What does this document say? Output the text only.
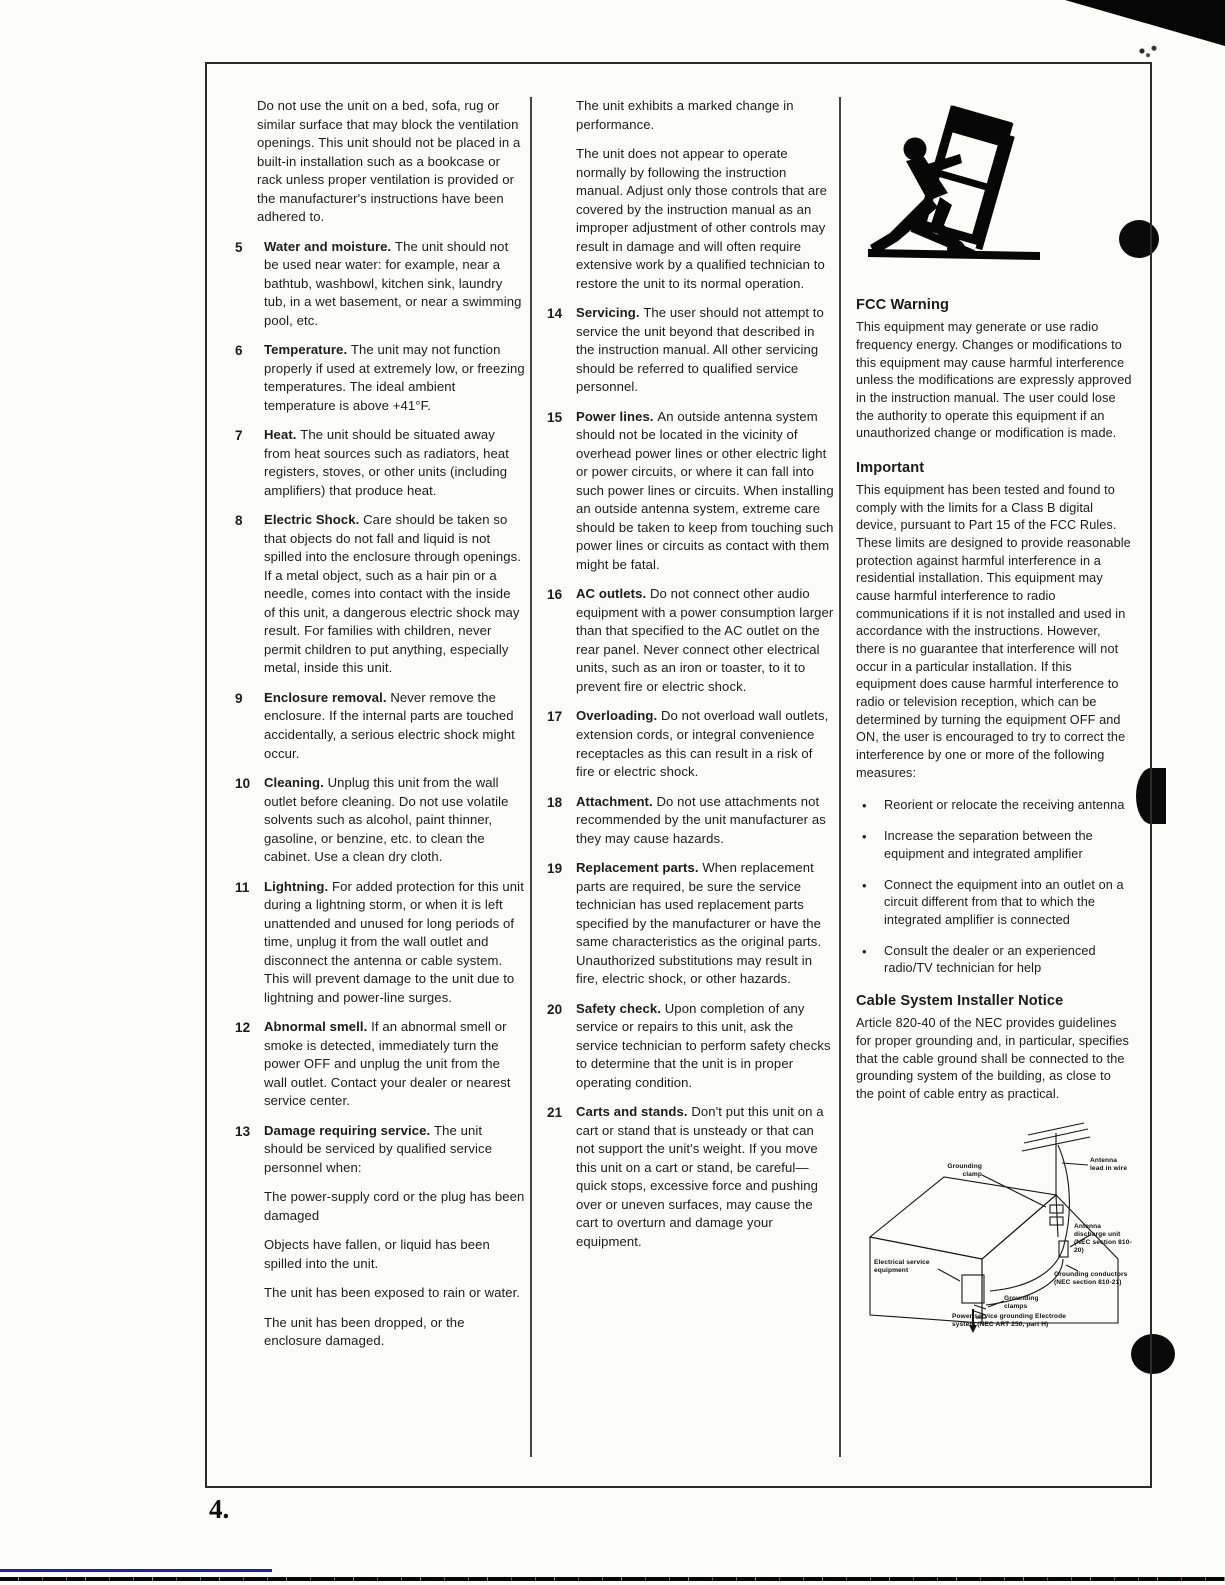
Do not use the unit on a bed, sofa, rug or similar surface that may block the ventilation openings. This unit should not be placed in a built-in installation such as a bookcase or rack unless proper ventilation is provided or the manufacturer's instructions have been adhered to.

5	Water and moisture. The unit should not be used near water: for example, near a bathtub, washbowl, kitchen sink, laundry tub, in a wet basement, or near a swimming pool, etc.

6	Temperature. The unit may not function properly if used at extremely low, or freezing temperatures. The ideal ambient temperature is above +41°F.

7	Heat. The unit should be situated away from heat sources such as radiators, heat registers, stoves, or other units (including amplifiers) that produce heat.

8	Electric Shock. Care should be taken so that objects do not fall and liquid is not spilled into the enclosure through openings. If a metal object, such as a hair pin or a needle, comes into contact with the inside of this unit, a dangerous electric shock may result. For families with children, never permit children to put anything, especially metal, inside this unit.

9	Enclosure removal. Never remove the enclosure. If the internal parts are touched accidentally, a serious electric shock might occur.

10	Cleaning. Unplug this unit from the wall outlet before cleaning. Do not use volatile solvents such as alcohol, paint thinner, gasoline, or benzine, etc. to clean the cabinet. Use a clean dry cloth.

11	Lightning. For added protection for this unit during a lightning storm, or when it is left unattended and unused for long periods of time, unplug it from the wall outlet and disconnect the antenna or cable system. This will prevent damage to the unit due to lightning and power-line surges.

12	Abnormal smell. If an abnormal smell or smoke is detected, immediately turn the power OFF and unplug the unit from the wall outlet. Contact your dealer or nearest service center.

13	Damage requiring service. The unit should be serviced by qualified service personnel when:

The power-supply cord or the plug has been damaged

Objects have fallen, or liquid has been spilled into the unit.

The unit has been exposed to rain or water.

The unit has been dropped, or the enclosure damaged.

The unit exhibits a marked change in performance.

The unit does not appear to operate normally by following the instruction manual. Adjust only those controls that are covered by the instruction manual as an improper adjustment of other controls may result in damage and will often require extensive work by a qualified technician to restore the unit to its normal operation.

14	Servicing. The user should not attempt to service the unit beyond that described in the instruction manual. All other servicing should be referred to qualified service personnel.

15	Power lines. An outside antenna system should not be located in the vicinity of overhead power lines or other electric light or power circuits, or where it can fall into such power lines or circuits. When installing an outside antenna system, extreme care should be taken to keep from touching such power lines or circuits as contact with them might be fatal.

16	AC outlets. Do not connect other audio equipment with a power consumption larger than that specified to the AC outlet on the rear panel. Never connect other electrical units, such as an iron or toaster, to it to prevent fire or electric shock.

17	Overloading. Do not overload wall outlets, extension cords, or integral convenience receptacles as this can result in a risk of fire or electric shock.

18	Attachment. Do not use attachments not recommended by the unit manufacturer as they may cause hazards.

19	Replacement parts. When replacement parts are required, be sure the service technician has used replacement parts specified by the manufacturer or have the same characteristics as the original parts. Unauthorized substitutions may result in fire, electric shock, or other hazards.

20	Safety check. Upon completion of any service or repairs to this unit, ask the service technician to perform safety checks to determine that the unit is in proper operating condition.

21	Carts and stands. Don't put this unit on a cart or stand that is unsteady or that can not support the unit's weight. If you move this unit on a cart or stand, be careful— quick stops, excessive force and pushing over or uneven surfaces, may cause the cart to overturn and damage your equipment.

FCC Warning

This equipment may generate or use radio frequency energy. Changes or modifications to this equipment may cause harmful interference unless the modifications are expressly approved in the instruction manual. The user could lose the authority to operate this equipment if an unauthorized change or modification is made.

Important

This equipment has been tested and found to comply with the limits for a Class B digital device, pursuant to Part 15 of the FCC Rules. These limits are designed to provide reasonable protection against harmful interference in a residential installation. This equipment may cause harmful interference to radio communications if it is not installed and used in accordance with the instructions. However, there is no guarantee that interference will not occur in a particular installation. If this equipment does cause harmful interference to radio or television reception, which can be determined by turning the equipment OFF and ON, the user is encouraged to try to correct the interference by one or more of the following measures:

• Reorient or relocate the receiving antenna
• Increase the separation between the equipment and integrated amplifier
• Connect the equipment into an outlet on a circuit different from that to which the integrated amplifier is connected
• Consult the dealer or an experienced radio/TV technician for help
Cable System Installer Notice

Article 820-40 of the NEC provides guidelines for proper grounding and, in particular, specifies that the cable ground shall be connected to the grounding system of the building, as close to the point of cable entry as practical.

Antenna lead in wire
Grounding clamp
Antenna discharge unit (NEC section 810-20)
Grounding conductors (NEC section 810-21)
Electrical service equipment
Grounding clamps
Power service grounding Electrode system (NEC ART 250, part H)
4.
